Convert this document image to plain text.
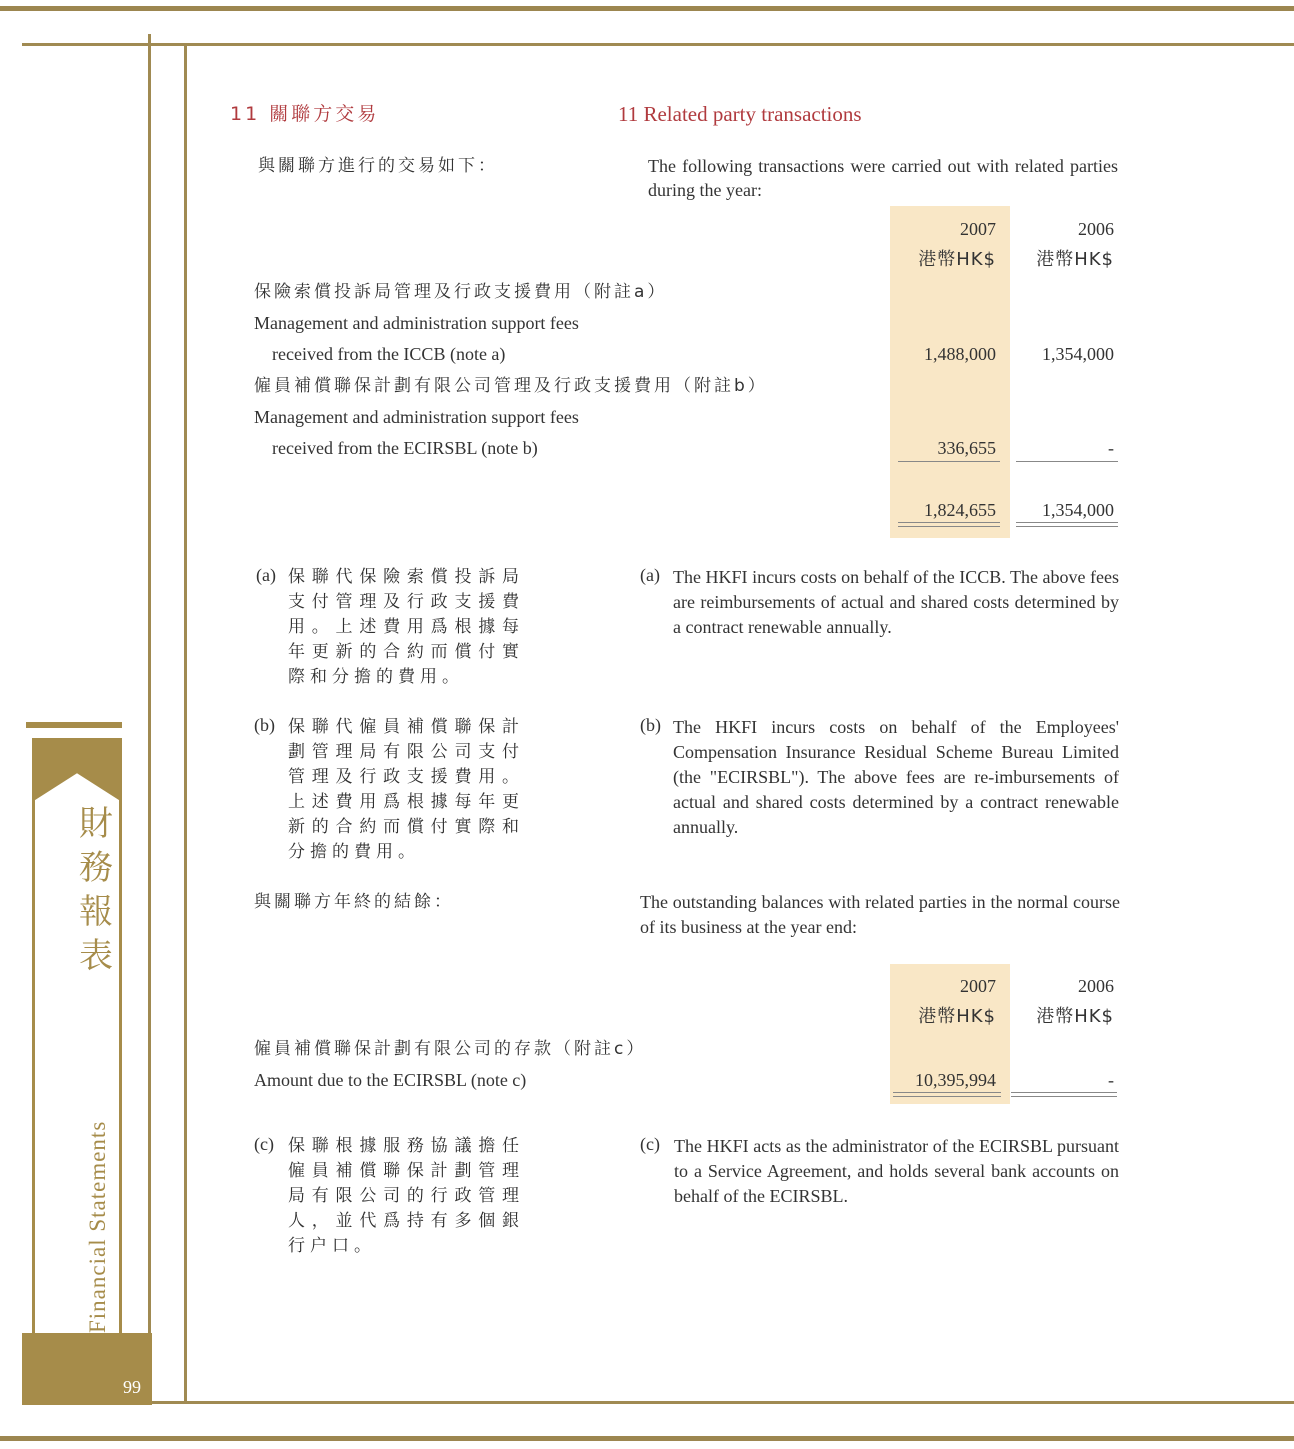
財
務
報
表
Financial Statements
99
11 關聯方交易	11 Related party transactions
與關聯方進行的交易如下：	The following transactions were carried out with related parties during the year:
2007	2006
港幣HK$	港幣HK$
保險索償投訴局管理及行政支援費用（附註a）
Management and administration support fees
received from the ICCB (note a)	1,488,000	1,354,000
僱員補償聯保計劃有限公司管理及行政支援費用（附註b）
Management and administration support fees
received from the ECIRSBL (note b)	336,655	-
1,824,655	1,354,000
(a) 保聯代保險索償投訴局支付管理及行政支援費用。上述費用爲根據每年更新的合約而償付實際和分擔的費用。
(a) The HKFI incurs costs on behalf of the ICCB. The above fees are reimbursements of actual and shared costs determined by a contract renewable annually.
(b) 保聯代僱員補償聯保計劃管理局有限公司支付管理及行政支援費用。上述費用爲根據每年更新的合約而償付實際和分擔的費用。
(b) The HKFI incurs costs on behalf of the Employees' Compensation Insurance Residual Scheme Bureau Limited (the "ECIRSBL"). The above fees are re-imbursements of actual and shared costs determined by a contract renewable annually.
與關聯方年終的結餘：	The outstanding balances with related parties in the normal course of its business at the year end:
2007	2006
港幣HK$	港幣HK$
僱員補償聯保計劃有限公司的存款（附註c）
Amount due to the ECIRSBL (note c)	10,395,994	-
(c) 保聯根據服務協議擔任僱員補償聯保計劃管理局有限公司的行政管理人，並代爲持有多個銀行户口。
(c) The HKFI acts as the administrator of the ECIRSBL pursuant to a Service Agreement, and holds several bank accounts on behalf of the ECIRSBL.
